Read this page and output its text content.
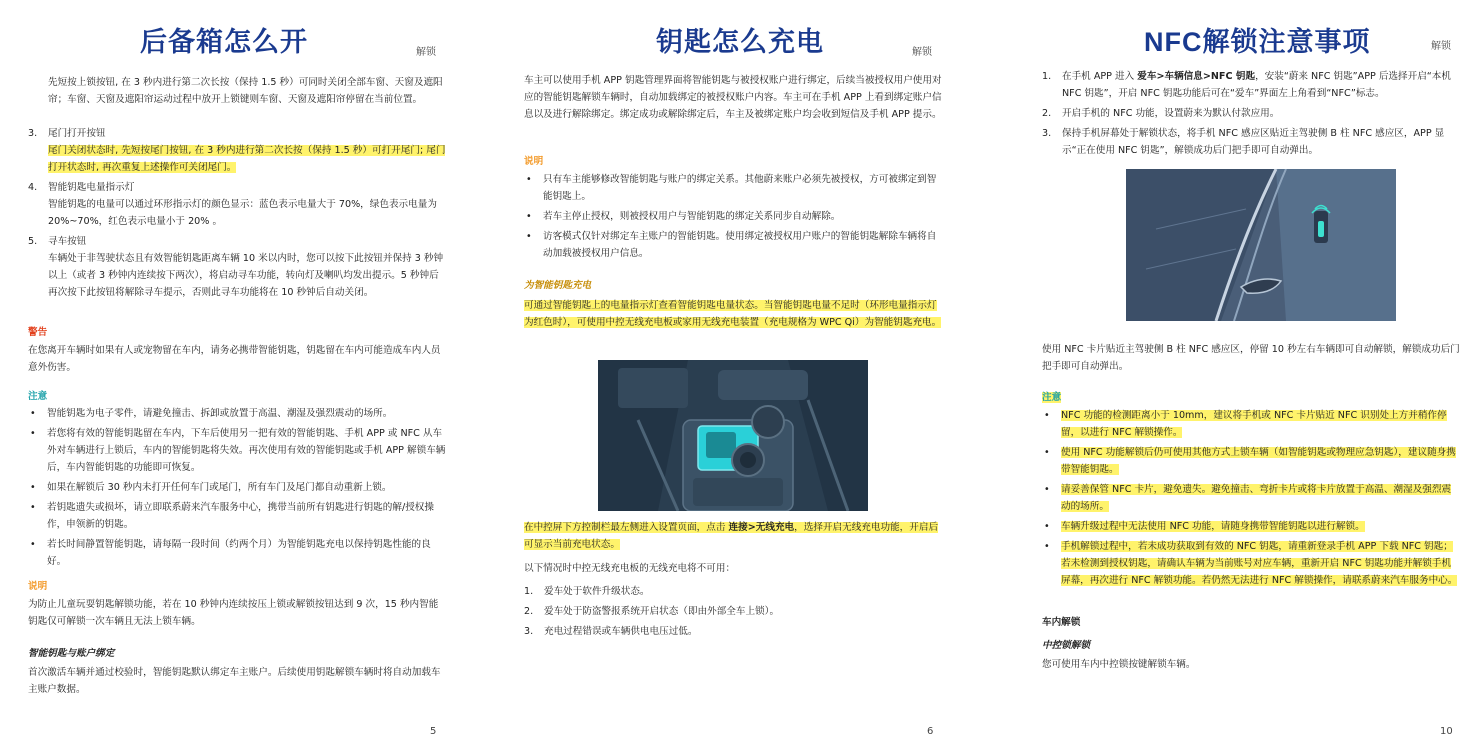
后备箱怎么开	解锁
先短按上锁按钮, 在 3 秒内进行第二次长按（保持 1.5 秒）可同时关闭全部车窗、天窗及遮阳帘；车窗、天窗及遮阳帘运动过程中放开上锁键则车窗、天窗及遮阳帘停留在当前位置。
3. 尾门打开按钮
尾门关闭状态时, 先短按尾门按钮, 在 3 秒内进行第二次长按（保持 1.5 秒）可打开尾门; 尾门打开状态时, 再次重复上述操作可关闭尾门。
4. 智能钥匙电量指示灯
智能钥匙的电量可以通过环形指示灯的颜色显示：蓝色表示电量大于 70%，绿色表示电量为 20%~70%，红色表示电量小于 20% 。
5. 寻车按钮
车辆处于非驾驶状态且有效智能钥匙距离车辆 10 米以内时，您可以按下此按钮并保持 3 秒钟以上（或者 3 秒钟内连续按下两次），将启动寻车功能，转向灯及喇叭均发出提示。5 秒钟后再次按下此按钮将解除寻车提示，否则此寻车功能将在 10 秒钟后自动关闭。
警告
在您离开车辆时如果有人或宠物留在车内，请务必携带智能钥匙，钥匙留在车内可能造成车内人员意外伤害。
注意
• 智能钥匙为电子零件，请避免撞击、拆卸或放置于高温、潮湿及强烈震动的场所。
• 若您将有效的智能钥匙留在车内，下车后使用另一把有效的智能钥匙、手机 APP 或 NFC 从车外对车辆进行上锁后，车内的智能钥匙将失效。再次使用有效的智能钥匙或手机 APP 解锁车辆后，车内智能钥匙的功能即可恢复。
• 如果在解锁后 30 秒内未打开任何车门或尾门，所有车门及尾门都自动重新上锁。
• 若钥匙遗失或损坏，请立即联系蔚来汽车服务中心，携带当前所有钥匙进行钥匙的解/授权操作，申领新的钥匙。
• 若长时间静置智能钥匙，请每隔一段时间（约两个月）为智能钥匙充电以保持钥匙性能的良好。
说明
为防止儿童玩耍钥匙解锁功能，若在 10 秒钟内连续按压上锁或解锁按钮达到 9 次，15 秒内智能钥匙仅可解锁一次车辆且无法上锁车辆。
智能钥匙与账户绑定
首次激活车辆并通过校验时，智能钥匙默认绑定车主账户。后续使用钥匙解锁车辆时将自动加载车主账户数据。
5
钥匙怎么充电	解锁
车主可以使用手机 APP 钥匙管理界面将智能钥匙与被授权账户进行绑定，后续当被授权用户使用对应的智能钥匙解锁车辆时，自动加载绑定的被授权账户内容。车主可在手机 APP 上看到绑定账户信息以及进行解除绑定。绑定成功或解除绑定后，车主及被绑定账户均会收到短信及手机 APP 提示。
说明
• 只有车主能够修改智能钥匙与账户的绑定关系。其他蔚来账户必须先被授权，方可被绑定到智能钥匙上。
• 若车主停止授权，则被授权用户与智能钥匙的绑定关系同步自动解除。
• 访客模式仅针对绑定车主账户的智能钥匙。使用绑定被授权用户账户的智能钥匙解除车辆将自动加载被授权用户信息。
为智能钥匙充电
可通过智能钥匙上的电量指示灯查看智能钥匙电量状态。当智能钥匙电量不足时（环形电量指示灯为红色时），可使用中控无线充电板或家用无线充电装置（充电规格为 WPC Qi）为智能钥匙充电。
在中控屏下方控制栏最左侧进入设置页面，点击 连接>无线充电，选择开启无线充电功能，开启后可显示当前充电状态。
以下情况时中控无线充电板的无线充电将不可用：
1. 爱车处于软件升级状态。
2. 爱车处于防盗警报系统开启状态（即由外部全车上锁）。
3. 充电过程错误或车辆供电电压过低。
6
NFC解锁注意事项	解锁
1. 在手机 APP 进入 爱车>车辆信息>NFC 钥匙，安装“蔚来 NFC 钥匙”APP 后选择开启“本机 NFC 钥匙”，开启 NFC 钥匙功能后可在“爱车”界面左上角看到“NFC”标志。
2. 开启手机的 NFC 功能，设置蔚来为默认付款应用。
3. 保持手机屏幕处于解锁状态，将手机 NFC 感应区贴近主驾驶侧 B 柱 NFC 感应区，APP 显示“正在使用 NFC 钥匙”，解锁成功后门把手即可自动弹出。
使用 NFC 卡片贴近主驾驶侧 B 柱 NFC 感应区，停留 10 秒左右车辆即可自动解锁，解锁成功后门把手即可自动弹出。
注意
• NFC 功能的检测距离小于 10mm，建议将手机或 NFC 卡片贴近 NFC 识别处上方并稍作停留，以进行 NFC 解锁操作。
• 使用 NFC 功能解锁后仍可使用其他方式上锁车辆（如智能钥匙或物理应急钥匙），建议随身携带智能钥匙。
• 请妥善保管 NFC 卡片，避免遗失。避免撞击、弯折卡片或将卡片放置于高温、潮湿及强烈震动的场所。
• 车辆升级过程中无法使用 NFC 功能，请随身携带智能钥匙以进行解锁。
• 手机解锁过程中，若未成功获取到有效的 NFC 钥匙，请重新登录手机 APP 下载 NFC 钥匙；若未检测到授权钥匙，请确认车辆为当前账号对应车辆，重新开启 NFC 钥匙功能并解锁手机屏幕，再次进行 NFC 解锁功能。若仍然无法进行 NFC 解锁操作，请联系蔚来汽车服务中心。
车内解锁
中控锁解锁
您可使用车内中控锁按键解锁车辆。
10
